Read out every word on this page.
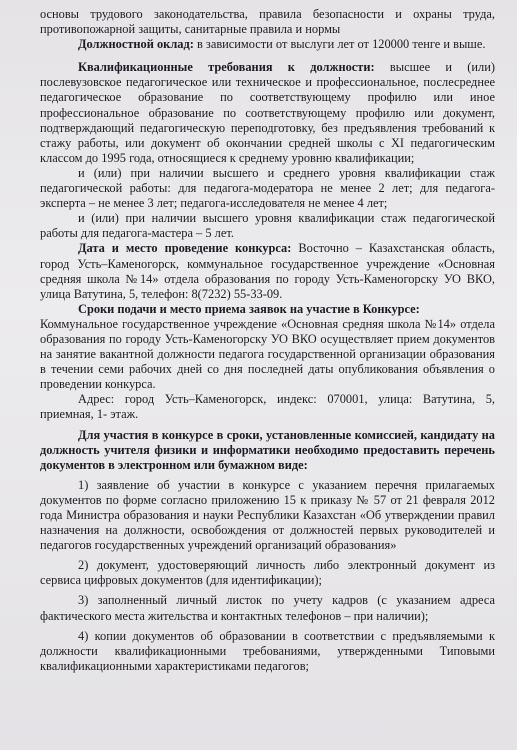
основы трудового законодательства, правила безопасности и охраны труда, противопожарной защиты, санитарные правила и нормы

Должностной оклад: в зависимости от выслуги лет от 120000 тенге и выше.

Квалификационные требования к должности: высшее и (или) послевузовское педагогическое или техническое и профессиональное, послесреднее педагогическое образование по соответствующему профилю или иное профессиональное образование по соответствующему профилю или документ, подтверждающий педагогическую переподготовку, без предъявления требований к стажу работы, или документ об окончании средней школы с XI педагогическим классом до 1995 года, относящиеся к среднему уровню квалификации;

и (или) при наличии высшего и среднего уровня квалификации стаж педагогической работы: для педагога-модератора не менее 2 лет; для педагога-эксперта – не менее 3 лет; педагога-исследователя не менее 4 лет;

и (или) при наличии высшего уровня квалификации стаж педагогической работы для педагога-мастера – 5 лет.

Дата и место проведение конкурса: Восточно – Казахстанская область, город Усть–Каменогорск, коммунальное государственное учреждение «Основная средняя школа №14» отдела образования по городу Усть-Каменогорску УО ВКО, улица Ватутина, 5, телефон: 8(7232) 55-33-09.

Сроки подачи и место приема заявок на участие в Конкурсе:

Коммунальное государственное учреждение «Основная средняя школа №14» отдела образования по городу Усть-Каменогорску УО ВКО осуществляет прием документов на занятие вакантной должности педагога государственной организации образования в течении семи рабочих дней со дня последней даты опубликования объявления о проведении конкурса.

Адрес: город Усть–Каменогорск, индекс: 070001, улица: Ватутина, 5, приемная, 1- этаж.

Для участия в конкурсе в сроки, установленные комиссией, кандидату на должность учителя физики и информатики необходимо предоставить перечень документов в электронном или бумажном виде:

1) заявление об участии в конкурсе с указанием перечня прилагаемых документов по форме согласно приложению 15 к приказу № 57 от 21 февраля 2012 года Министра образования и науки Республики Казахстан «Об утверждении правил назначения на должности, освобождения от должностей первых руководителей и педагогов государственных учреждений организаций образования»

2) документ, удостоверяющий личность либо электронный документ из сервиса цифровых документов (для идентификации);

3) заполненный личный листок по учету кадров (с указанием адреса фактического места жительства и контактных телефонов – при наличии);

4) копии документов об образовании в соответствии с предъявляемыми к должности квалификационными требованиями, утвержденными Типовыми квалификационными характеристиками педагогов;
